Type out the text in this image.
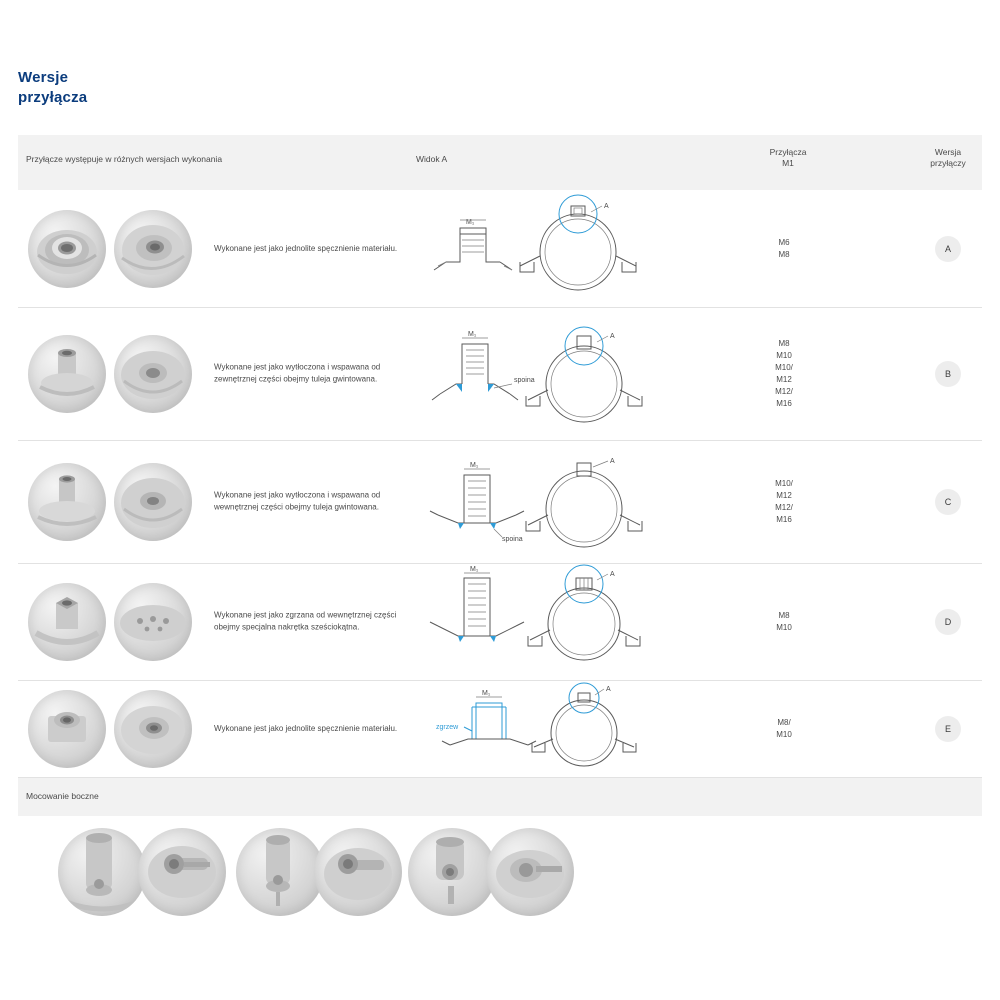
Wersje
przyłącza
Przyłącze występuje w różnych wersjach wykonania	Widok A
Przyłącza
M1
Wersja
przyłączy
Wykonane jest jako jednolite spęcznienie materiału.
M₁
A
M6
M8
A
Wykonane jest jako wytłoczona i wspawana od zewnętrznej części obejmy tuleja gwintowana.
M₁
spoina
A
M8
M10
M10/
M12
M12/
M16
B
Wykonane jest jako wytłoczona i wspawana od wewnętrznej części obejmy tuleja gwintowana.
M₁
spoina
A
M10/
M12
M12/
M16
C
Wykonane jest jako zgrzana od wewnętrznej części obejmy specjalna nakrętka sześciokątna.
M₁
A
M8
M10
D
Wykonane jest jako jednolite spęcznienie materiału.
M₁
zgrzew
A
M8/
M10
E
Mocowanie boczne
